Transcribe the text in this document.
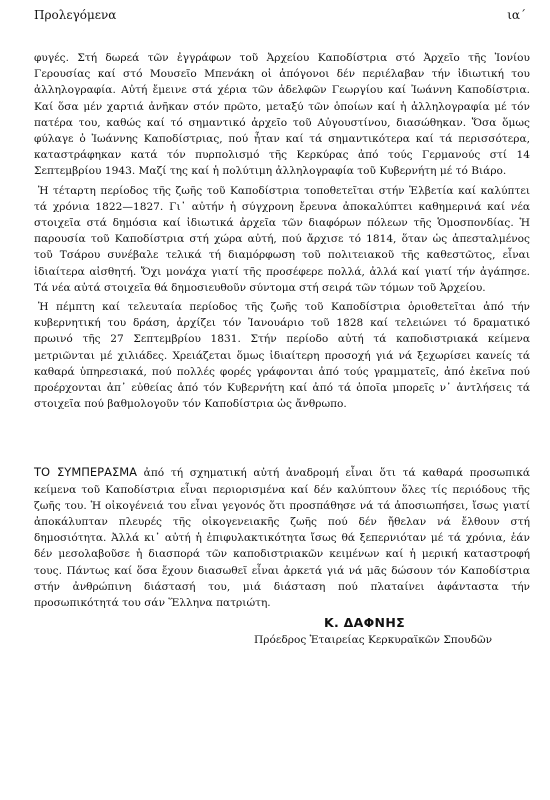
Προλεγόμενα	ια´

φυγές. Στή δωρεά τῶν ἐγγράφων τοῦ Ἀρχείου Καποδίστρια στό Ἀρχεῖο τῆς Ἰονίου Γερουσίας καί στό Μουσεῖο Μπενάκη οἱ ἀπόγονοι δέν περιέλαβαν τήν ἰδιωτική του ἀλληλογραφία. Αὐτή ἔμεινε στά χέρια τῶν ἀδελφῶν Γεωργίου καί Ἰωάννη Καποδίστρια. Καί ὅσα μέν χαρτιά ἀνῆκαν στόν πρῶτο, μεταξύ τῶν ὁποίων καί ἡ ἀλληλογραφία μέ τόν πατέρα του, καθώς καί τό σημαντικό ἀρχεῖο τοῦ Αὐγουστίνου, διασώθηκαν. Ὅσα ὅμως φύλαγε ὁ Ἰωάννης Καποδίστριας, πού ἦταν καί τά σημαντικότερα καί τά περισσότερα, καταστράφηκαν κατά τόν πυρπολισμό τῆς Κερκύρας ἀπό τούς Γερμανούς στί 14 Σεπτεμβρίου 1943. Μαζί της καί ἡ πολύτιμη ἀλληλογραφία τοῦ Κυβερνήτη μέ τό Βιάρο.

Ἡ τέταρτη περίοδος τῆς ζωῆς τοῦ Καποδίστρια τοποθετεῖται στήν Ἑλβετία καί καλύπτει τά χρόνια 1822—1827. Γι᾽ αὐτήν ἡ σύγχρονη ἔρευνα ἀποκαλύπτει καθημερινά καί νέα στοιχεῖα στά δημόσια καί ἰδιωτικά ἀρχεῖα τῶν διαφόρων πόλεων τῆς Ὁμοσπονδίας. Ἡ παρουσία τοῦ Καποδίστρια στή χώρα αὐτή, πού ἄρχισε τό 1814, ὅταν ὡς ἀπεσταλμένος τοῦ Τσάρου συνέβαλε τελικά τή διαμόρφωση τοῦ πολιτειακοῦ τῆς καθεστῶτος, εἶναι ἰδιαίτερα αἰσθητή. Ὄχι μονάχα γιατί τῆς προσέφερε πολλά, ἀλλά καί γιατί τήν ἀγάπησε. Τά νέα αὐτά στοιχεῖα θά δημοσιευθοῦν σύντομα στή σειρά τῶν τόμων τοῦ Ἀρχείου.

Ἡ πέμπτη καί τελευταία περίοδος τῆς ζωῆς τοῦ Καποδίστρια ὁριοθετεῖται ἀπό τήν κυβερνητική του δράση, ἀρχίζει τόν Ἰανουάριο τοῦ 1828 καί τελειώνει τό δραματικό πρωινό τῆς 27 Σεπτεμβρίου 1831. Στήν περίοδο αὐτή τά καποδιστριακά κείμενα μετριῶνται μέ χιλιάδες. Χρειάζεται ὅμως ἰδιαίτερη προσοχή γιά νά ξεχωρίσει κανείς τά καθαρά ὑπηρεσιακά, πού πολλές φορές γράφονται ἀπό τούς γραμματεῖς, ἀπό ἐκεῖνα πού προέρχονται ἀπ᾽ εὐθείας ἀπό τόν Κυβερνήτη καί ἀπό τά ὁποῖα μπορεῖς ν᾽ ἀντλήσεις τά στοιχεῖα πού βαθμολογοῦν τόν Καποδίστρια ὡς ἄνθρωπο.

ΤΟ ΣΥΜΠΕΡΑΣΜΑ ἀπό τή σχηματική αὐτή ἀναδρομή εἶναι ὅτι τά καθαρά προσωπικά κείμενα τοῦ Καποδίστρια εἶναι περιορισμένα καί δέν καλύπτουν ὅλες τίς περιόδους τῆς ζωῆς του. Ἡ οἰκογένειά του εἶναι γεγονός ὅτι προσπάθησε νά τά ἀποσιωπήσει, ἴσως γιατί ἀποκάλυπταν πλευρές τῆς οἰκογενειακῆς ζωῆς πού δέν ἤθελαν νά ἔλθουν στή δημοσιότητα. Ἀλλά κι᾽ αὐτή ἡ ἐπιφυλακτικότητα ἴσως θά ξεπερνιόταν μέ τά χρόνια, ἐάν δέν μεσολαβοῦσε ἡ διασπορά τῶν καποδιστριακῶν κειμένων καί ἡ μερική καταστροφή τους. Πάντως καί ὅσα ἔχουν διασωθεῖ εἶναι ἀρκετά γιά νά μᾶς δώσουν τόν Καποδίστρια στήν ἀνθρώπινη διάστασή του, μιά διάσταση πού πλαταίνει ἀφάνταστα τήν προσωπικότητά του σάν Ἕλληνα πατριώτη.
Κ. ΔΑΦΝΗΣ
Πρόεδρος Ἑταιρείας Κερκυραϊκῶν Σπουδῶν
